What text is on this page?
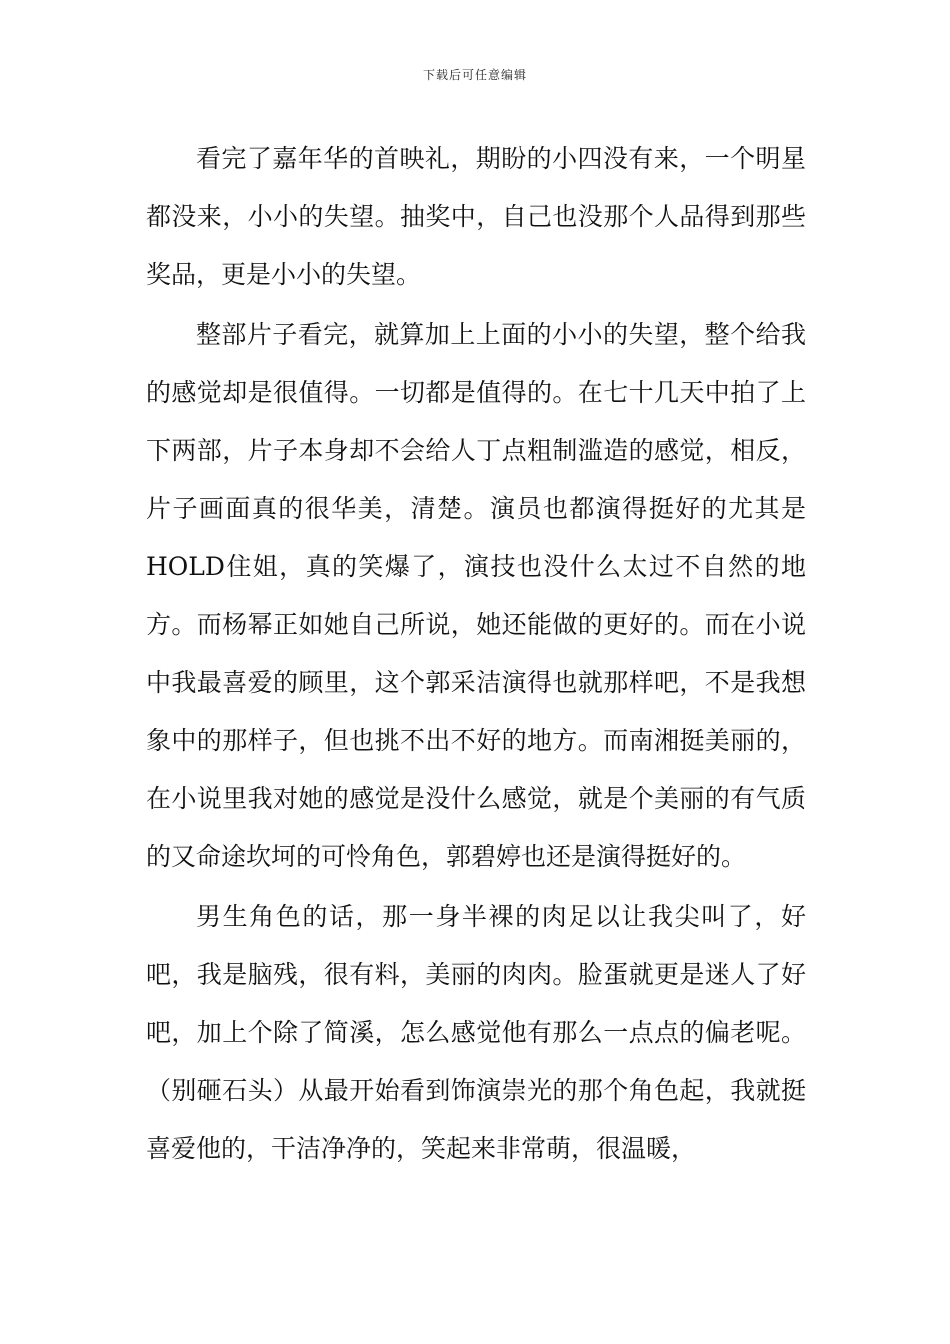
下载后可任意编辑

看完了嘉年华的首映礼，期盼的小四没有来，一个明星都没来，小小的失望。抽奖中，自己也没那个人品得到那些奖品，更是小小的失望。

整部片子看完，就算加上上面的小小的失望，整个给我的感觉却是很值得。一切都是值得的。在七十几天中拍了上下两部，片子本身却不会给人丁点粗制滥造的感觉，相反，片子画面真的很华美，清楚。演员也都演得挺好的尤其是HOLD住姐，真的笑爆了，演技也没什么太过不自然的地方。而杨幂正如她自己所说，她还能做的更好的。而在小说中我最喜爱的顾里，这个郭采洁演得也就那样吧，不是我想象中的那样子，但也挑不出不好的地方。而南湘挺美丽的，在小说里我对她的感觉是没什么感觉，就是个美丽的有气质的又命途坎坷的可怜角色，郭碧婷也还是演得挺好的。

男生角色的话，那一身半裸的肉足以让我尖叫了，好吧，我是脑残，很有料，美丽的肉肉。脸蛋就更是迷人了好吧，加上个除了简溪，怎么感觉他有那么一点点的偏老呢。（别砸石头）从最开始看到饰演崇光的那个角色起，我就挺喜爱他的，干洁净净的，笑起来非常萌，很温暖，
